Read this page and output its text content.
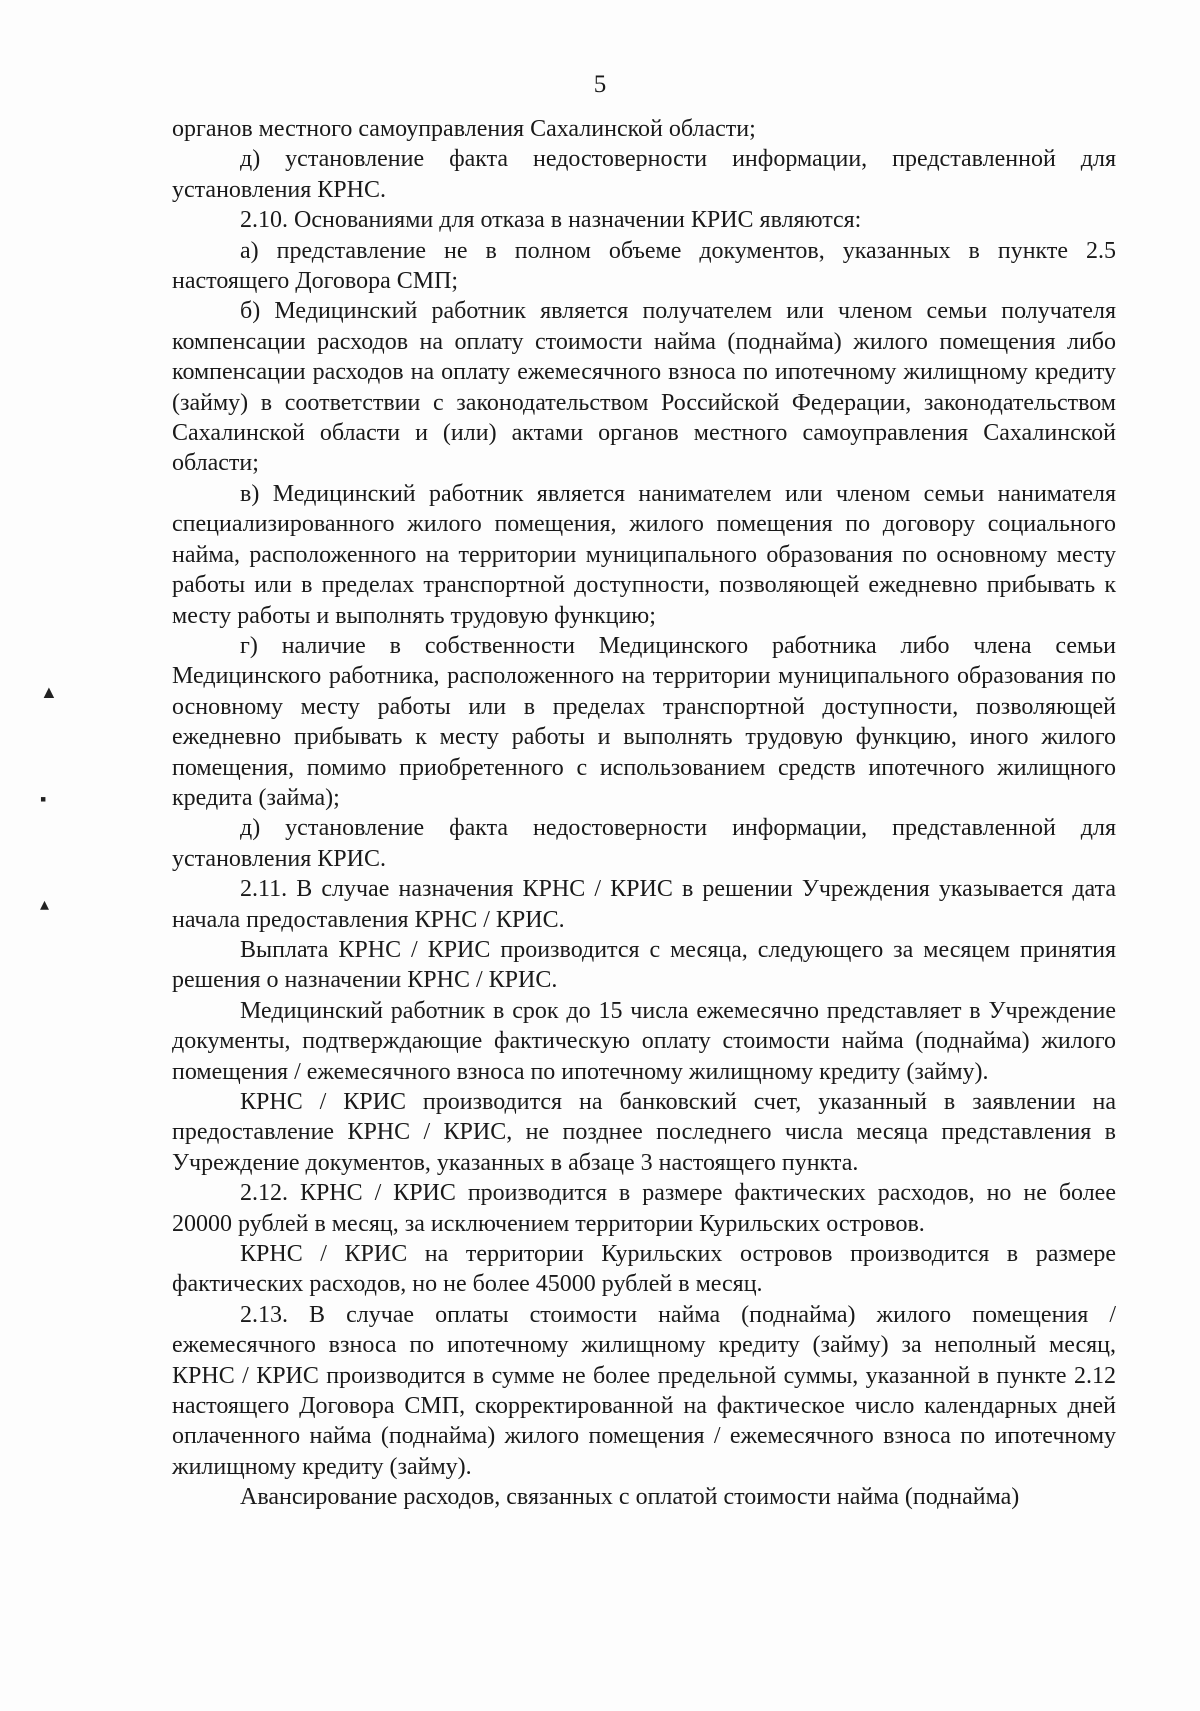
5
▲
▪
▴

органов местного самоуправления Сахалинской области;

д) установление факта недостоверности информации, представленной для установления КРНС.

2.10. Основаниями для отказа в назначении КРИС являются:

а) представление не в полном объеме документов, указанных в пункте 2.5 настоящего Договора СМП;

б) Медицинский работник является получателем или членом семьи получателя компенсации расходов на оплату стоимости найма (поднайма) жилого помещения либо компенсации расходов на оплату ежемесячного взноса по ипотечному жилищному кредиту (займу) в соответствии с законодательством Российской Федерации, законодательством Сахалинской области и (или) актами органов местного самоуправления Сахалинской области;

в) Медицинский работник является нанимателем или членом семьи нанимателя специализированного жилого помещения, жилого помещения по договору социального найма, расположенного на территории муниципального образования по основному месту работы или в пределах транспортной доступности, позволяющей ежедневно прибывать к месту работы и выполнять трудовую функцию;

г) наличие в собственности Медицинского работника либо члена семьи Медицинского работника, расположенного на территории муниципального образования по основному месту работы или в пределах транспортной доступности, позволяющей ежедневно прибывать к месту работы и выполнять трудовую функцию, иного жилого помещения, помимо приобретенного с использованием средств ипотечного жилищного кредита (займа);

д) установление факта недостоверности информации, представленной для установления КРИС.

2.11. В случае назначения КРНС / КРИС в решении Учреждения указывается дата начала предоставления КРНС / КРИС.

Выплата КРНС / КРИС производится с месяца, следующего за месяцем принятия решения о назначении КРНС / КРИС.

Медицинский работник в срок до 15 числа ежемесячно представляет в Учреждение документы, подтверждающие фактическую оплату стоимости найма (поднайма) жилого помещения / ежемесячного взноса по ипотечному жилищному кредиту (займу).

КРНС / КРИС производится на банковский счет, указанный в заявлении на предоставление КРНС / КРИС, не позднее последнего числа месяца представления в Учреждение документов, указанных в абзаце 3 настоящего пункта.

2.12. КРНС / КРИС производится в размере фактических расходов, но не более 20000 рублей в месяц, за исключением территории Курильских островов.

КРНС / КРИС на территории Курильских островов производится в размере фактических расходов, но не более 45000 рублей в месяц.

2.13. В случае оплаты стоимости найма (поднайма) жилого помещения / ежемесячного взноса по ипотечному жилищному кредиту (займу) за неполный месяц, КРНС / КРИС производится в сумме не более предельной суммы, указанной в пункте 2.12 настоящего Договора СМП, скорректированной на фактическое число календарных дней оплаченного найма (поднайма) жилого помещения / ежемесячного взноса по ипотечному жилищному кредиту (займу).

Авансирование расходов, связанных с оплатой стоимости найма (поднайма)
